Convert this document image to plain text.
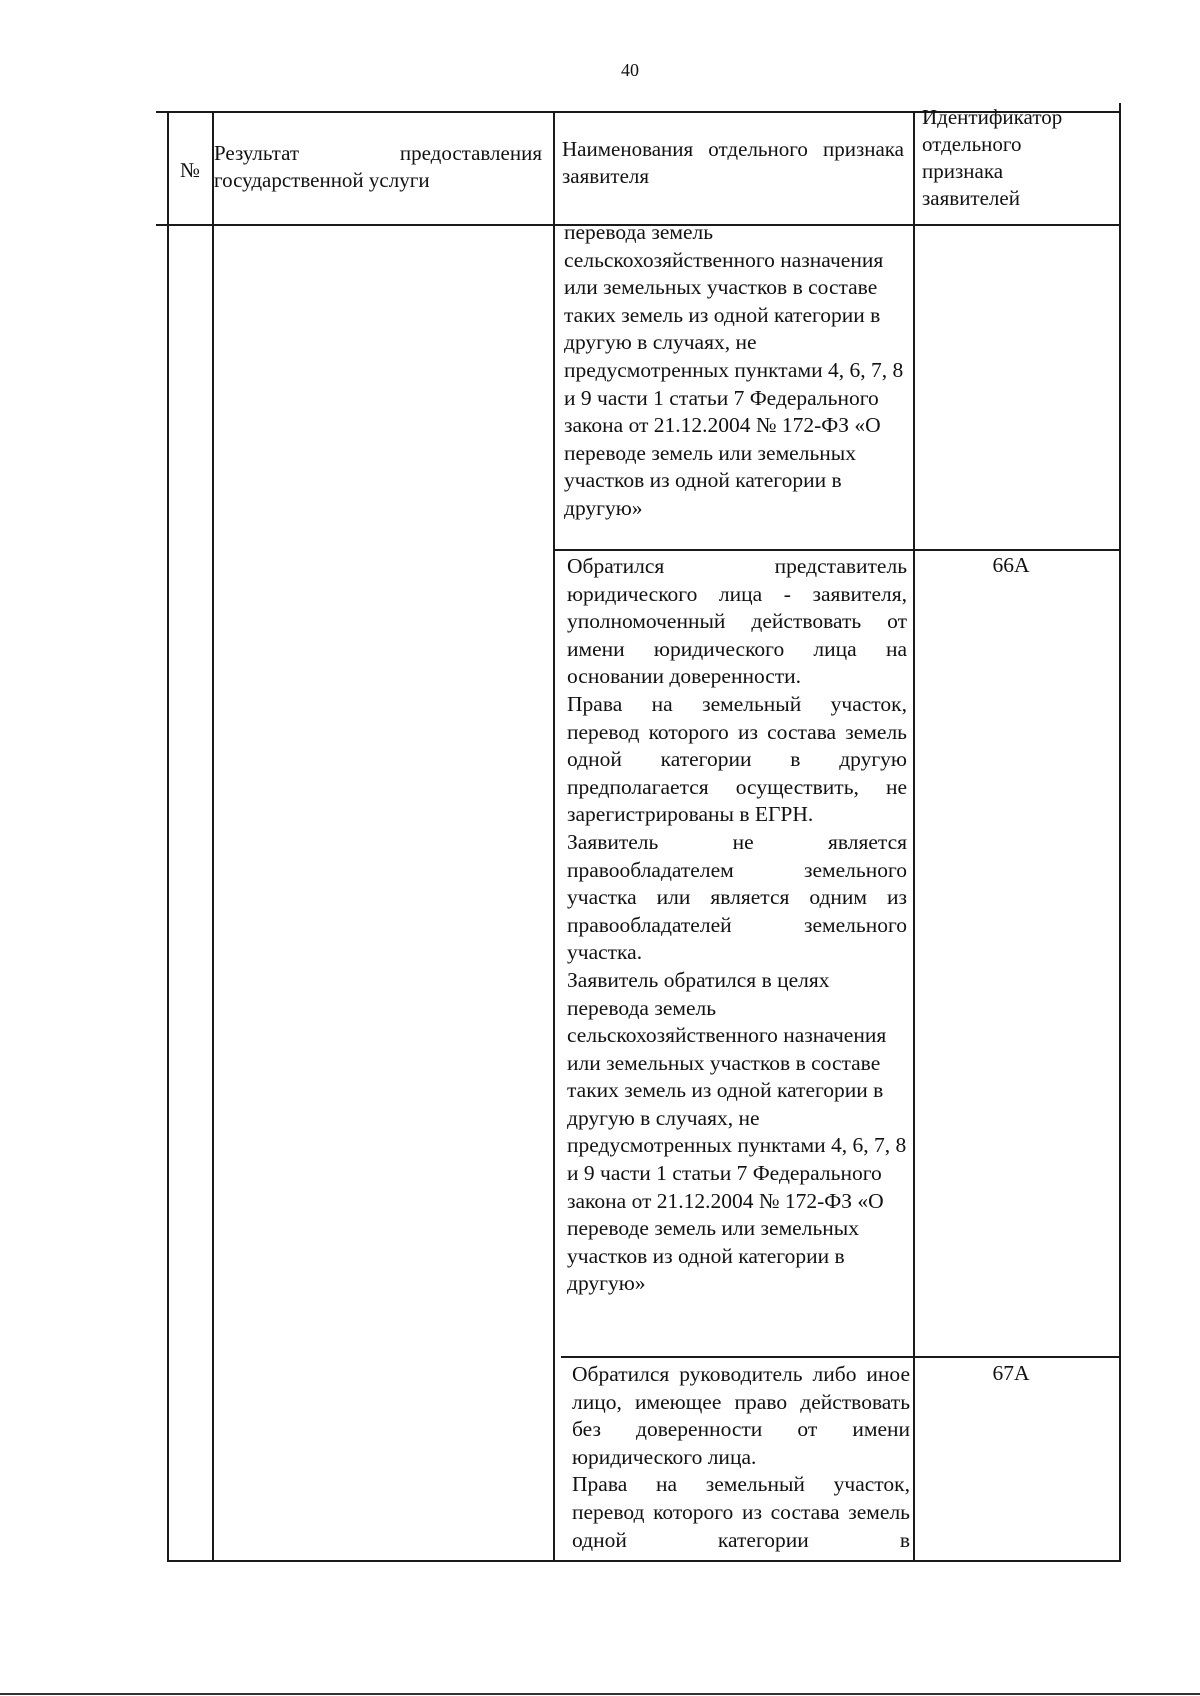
40
№
Результат предоставления государственной услуги
Наименования отдельного признака заявителя
Идентификатор отдельного признака заявителей

перевода земель сельскохозяйственного назначения или земельных участков в составе таких земель из одной категории в другую в случаях, не предусмотренных пунктами 4, 6, 7, 8 и 9 части 1 статьи 7 Федерального закона от 21.12.2004 № 172-ФЗ «О переводе земель или земельных участков из одной категории в другую»

Обратился представитель юридического лица - заявителя, уполномоченный действовать от имени юридического лица на основании доверенности.

Права на земельный участок, перевод которого из состава земель одной категории в другую предполагается осуществить, не зарегистрированы в ЕГРН.

Заявитель не является правообладателем земельного участка или является одним из правообладателей земельного участка.

Заявитель обратился в целях перевода земель сельскохозяйственного назначения или земельных участков в составе таких земель из одной категории в другую в случаях, не предусмотренных пунктами 4, 6, 7, 8 и 9 части 1 статьи 7 Федерального закона от 21.12.2004 № 172-ФЗ «О переводе земель или земельных участков из одной категории в другую»

66А

Обратился руководитель либо иное лицо, имеющее право действовать без доверенности от имени юридического лица.

Права на земельный участок, перевод которого из состава земель одной категории в

67А
